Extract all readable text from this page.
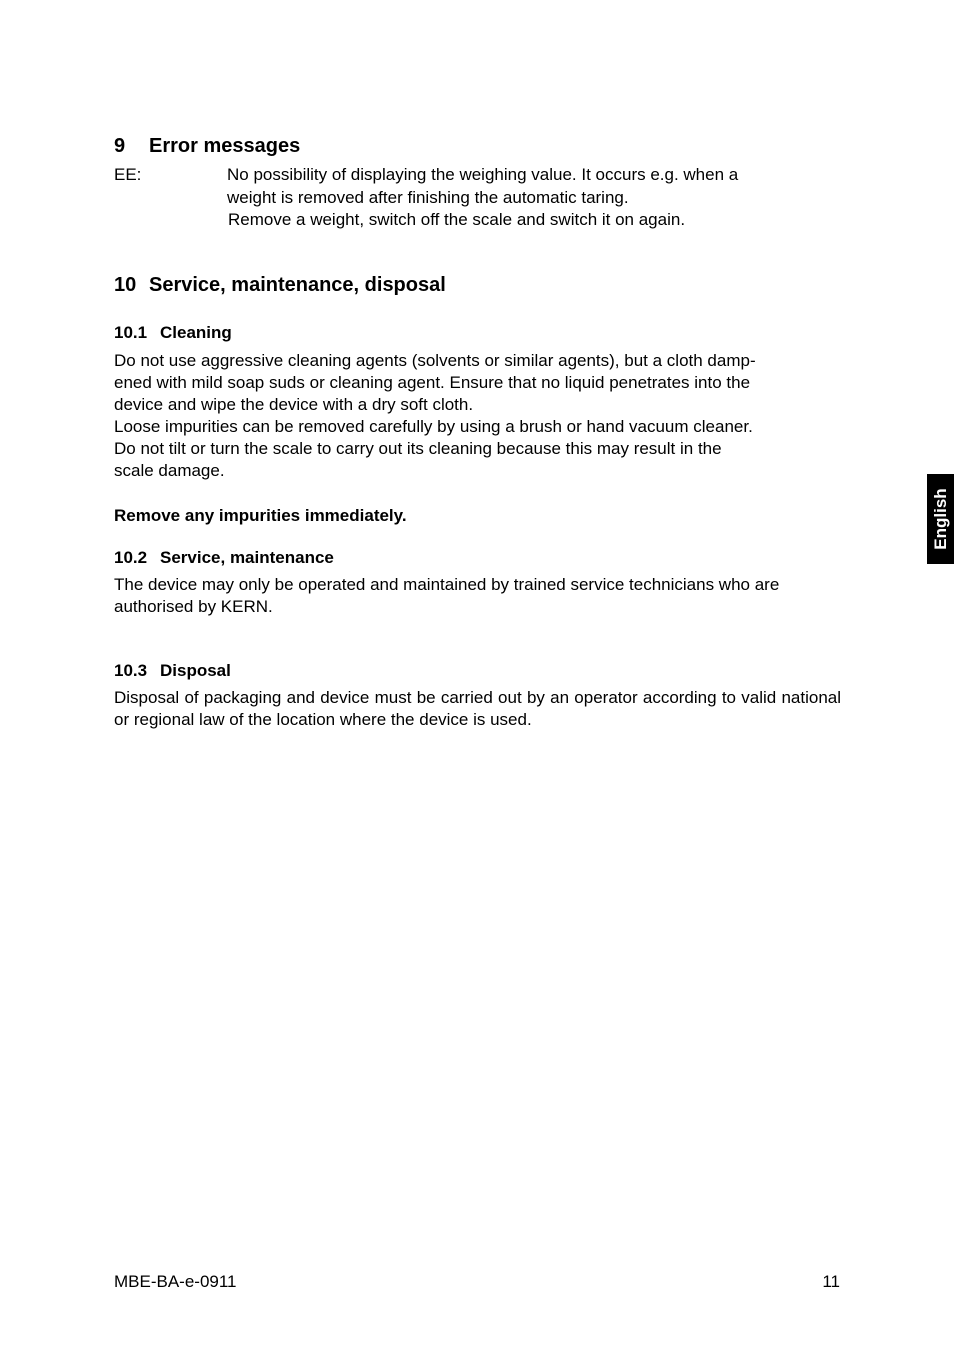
9 Error messages
EE:	No possibility of displaying the weighing value. It occurs e.g. when a
weight is removed after finishing the automatic taring.
Remove a weight, switch off the scale and switch it on again.
10 Service, maintenance, disposal
10.1 Cleaning
Do not use aggressive cleaning agents (solvents or similar agents), but a cloth damp-
ened with mild soap suds or cleaning agent. Ensure that no liquid penetrates into the
device and wipe the device with a dry soft cloth.
Loose impurities can be removed carefully by using a brush or hand vacuum cleaner.
Do not tilt or turn the scale to carry out its cleaning because this may result in the
scale damage.
Remove any impurities immediately.
10.2 Service, maintenance
The device may only be operated and maintained by trained service technicians who are authorised by KERN.
10.3 Disposal
Disposal of packaging and device must be carried out by an operator according to valid national or regional law of the location where the device is used.
English
MBE-BA-e-0911	11
